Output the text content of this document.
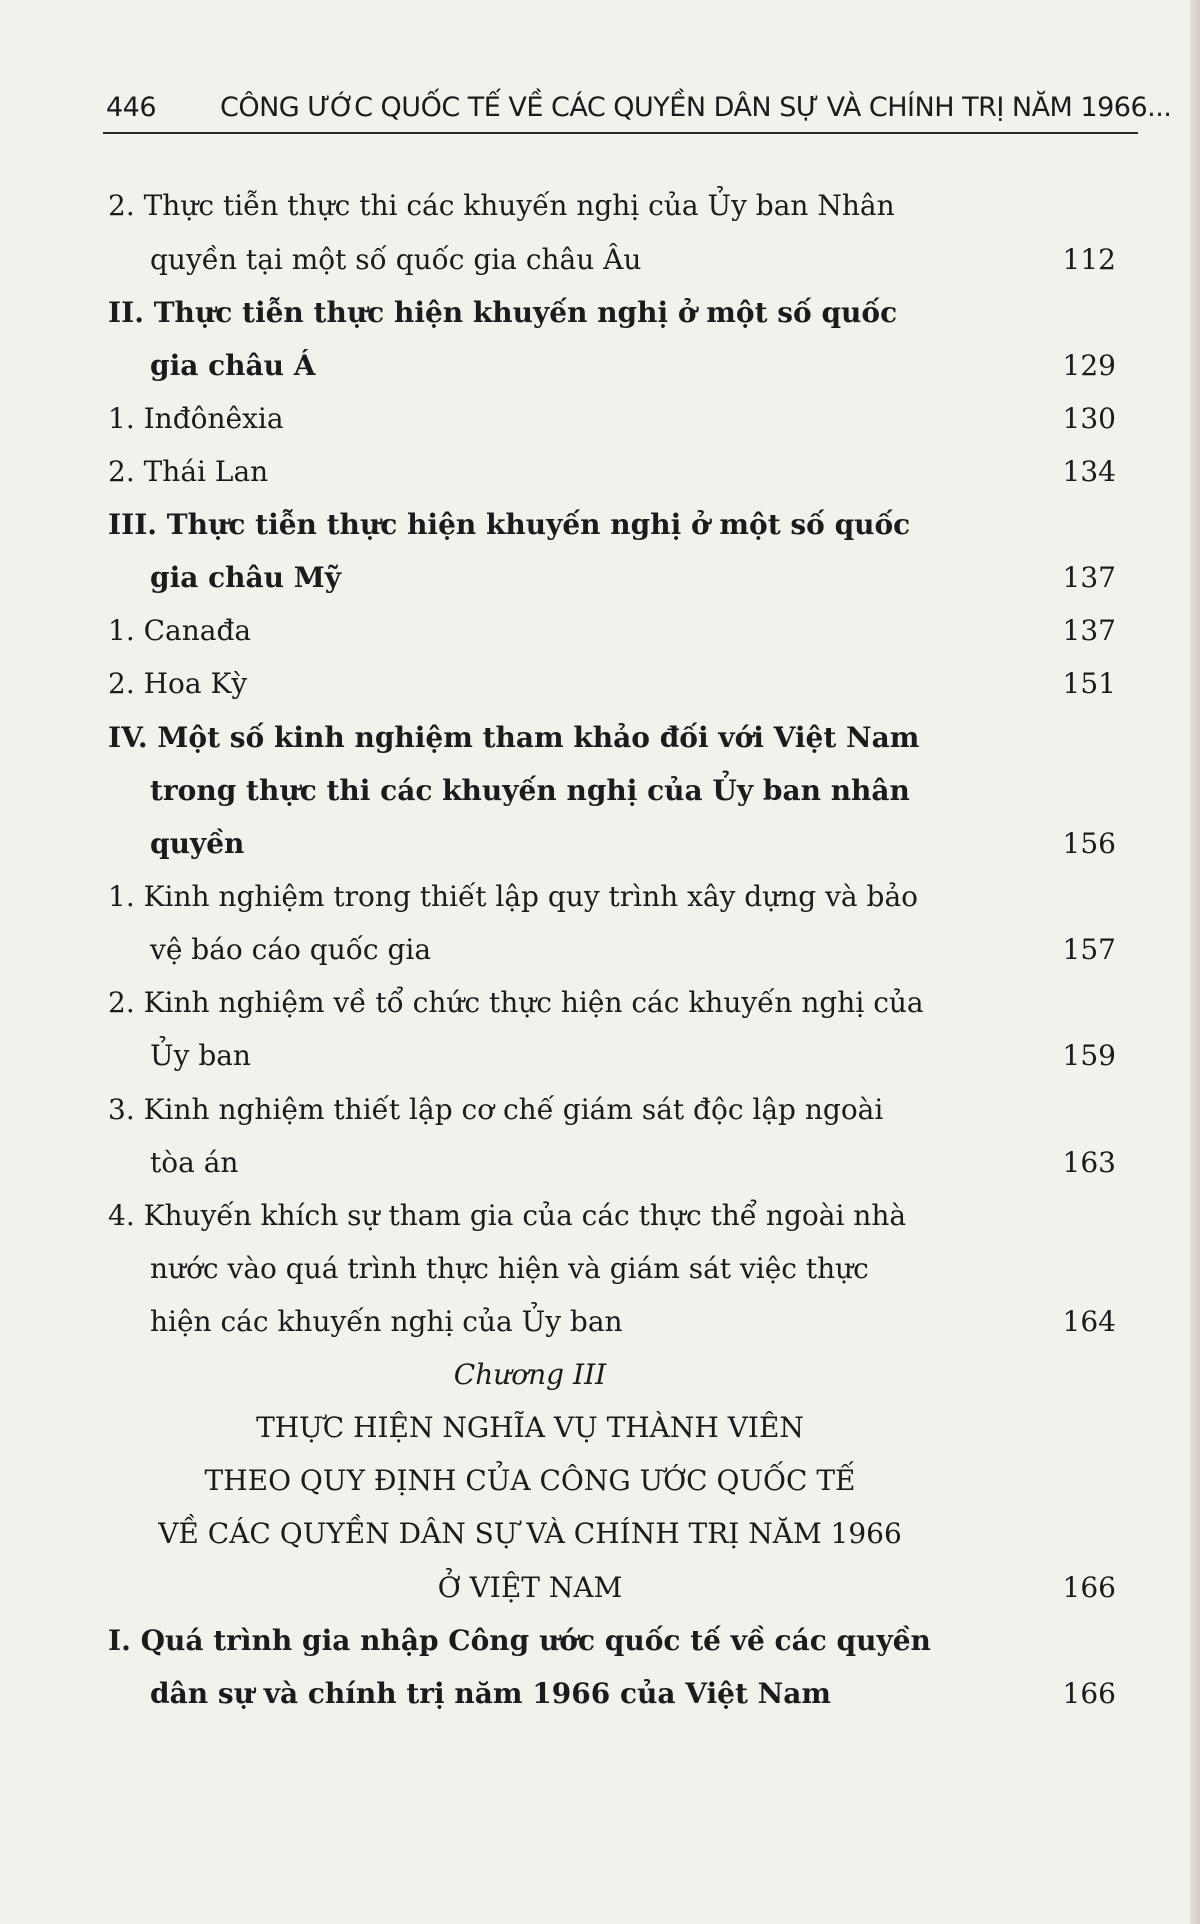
446 CÔNG ƯỚC QUỐC TẾ VỀ CÁC QUYỀN DÂN SỰ VÀ CHÍNH TRỊ NĂM 1966...
2. Thực tiễn thực thi các khuyến nghị của Ủy ban Nhân
quyền tại một số quốc gia châu Âu	112
II. Thực tiễn thực hiện khuyến nghị ở một số quốc
gia châu Á	129
1. Inđônêxia	130
2. Thái Lan	134
III. Thực tiễn thực hiện khuyến nghị ở một số quốc
gia châu Mỹ	137
1. Canađa	137
2. Hoa Kỳ	151
IV. Một số kinh nghiệm tham khảo đối với Việt Nam
trong thực thi các khuyến nghị của Ủy ban nhân
quyền	156
1. Kinh nghiệm trong thiết lập quy trình xây dựng và bảo
vệ báo cáo quốc gia	157
2. Kinh nghiệm về tổ chức thực hiện các khuyến nghị của
Ủy ban	159
3. Kinh nghiệm thiết lập cơ chế giám sát độc lập ngoài
tòa án	163
4. Khuyến khích sự tham gia của các thực thể ngoài nhà
nước vào quá trình thực hiện và giám sát việc thực
hiện các khuyến nghị của Ủy ban	164
Chương III
THỰC HIỆN NGHĨA VỤ THÀNH VIÊN
THEO QUY ĐỊNH CỦA CÔNG ƯỚC QUỐC TẾ
VỀ CÁC QUYỀN DÂN SỰ VÀ CHÍNH TRỊ NĂM 1966
Ở VIỆT NAM	166
I. Quá trình gia nhập Công ước quốc tế về các quyền
dân sự và chính trị năm 1966 của Việt Nam	166
